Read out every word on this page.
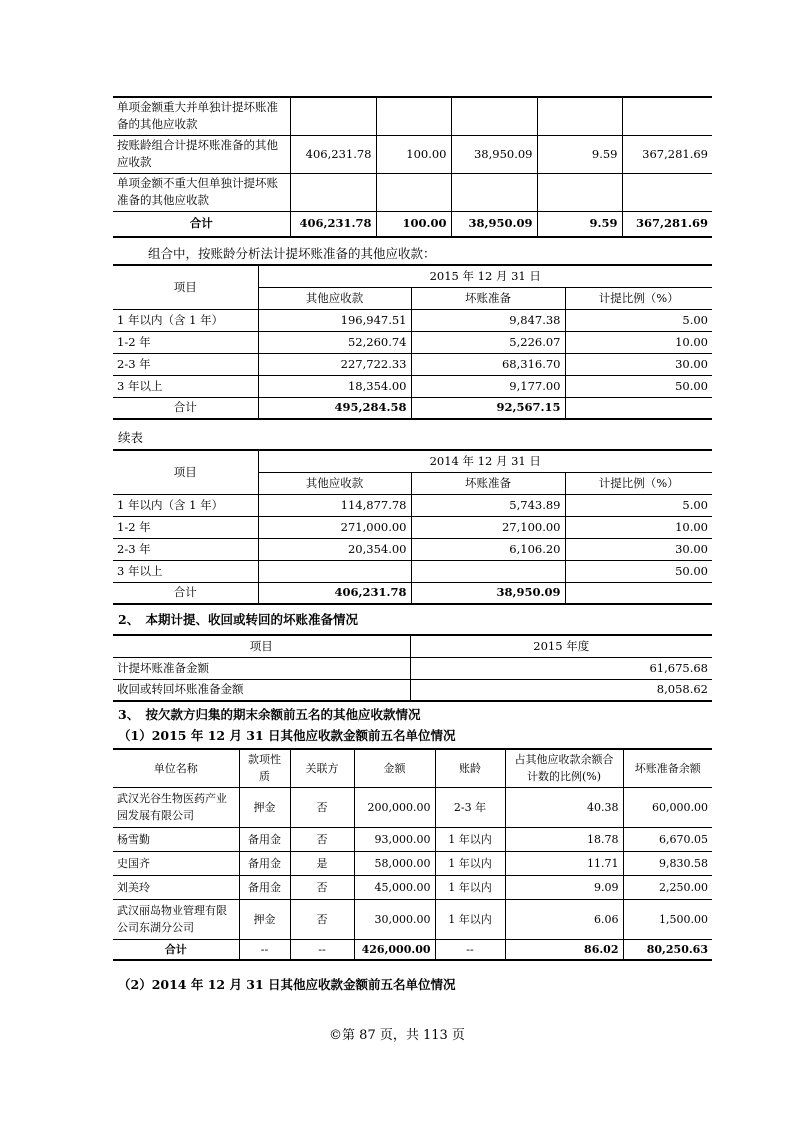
单项金额重大并单独计提坏账准备的其他应收款					
按账龄组合计提坏账准备的其他应收款	406,231.78	100.00	38,950.09	9.59	367,281.69
单项金额不重大但单独计提坏账准备的其他应收款					
合计	406,231.78	100.00	38,950.09	9.59	367,281.69
组合中，按账龄分析法计提坏账准备的其他应收款：
项目	2015 年 12 月 31 日		
	其他应收款	坏账准备	计提比例（%）
1 年以内（含 1 年）	196,947.51	9,847.38	5.00
1-2 年	52,260.74	5,226.07	10.00
2-3 年	227,722.33	68,316.70	30.00
3 年以上	18,354.00	9,177.00	50.00
合计	495,284.58	92,567.15	
续表
项目	2014 年 12 月 31 日		
	其他应收款	坏账准备	计提比例（%）
1 年以内（含 1 年）	114,877.78	5,743.89	5.00
1-2 年	271,000.00	27,100.00	10.00
2-3 年	20,354.00	6,106.20	30.00
3 年以上			50.00
合计	406,231.78	38,950.09	
2、　本期计提、收回或转回的坏账准备情况
项目	2015 年度
计提坏账准备金额	61,675.68
收回或转回坏账准备金额	8,058.62
3、　按欠款方归集的期末余额前五名的其他应收款情况
（1）2015 年 12 月 31 日其他应收款金额前五名单位情况
单位名称	款项性质	关联方	金额	账龄	占其他应收款余额合计数的比例(%)	坏账准备余额
武汉光谷生物医药产业园发展有限公司	押金	否	200,000.00	2-3 年	40.38	60,000.00
杨雪勤	备用金	否	93,000.00	1 年以内	18.78	6,670.05
史国齐	备用金	是	58,000.00	1 年以内	11.71	9,830.58
刘美玲	备用金	否	45,000.00	1 年以内	9.09	2,250.00
武汉丽岛物业管理有限公司东湖分公司	押金	否	30,000.00	1 年以内	6.06	1,500.00
合计	--	--	426,000.00	--	86.02	80,250.63
（2）2014 年 12 月 31 日其他应收款金额前五名单位情况
©第 87 页，共 113 页
